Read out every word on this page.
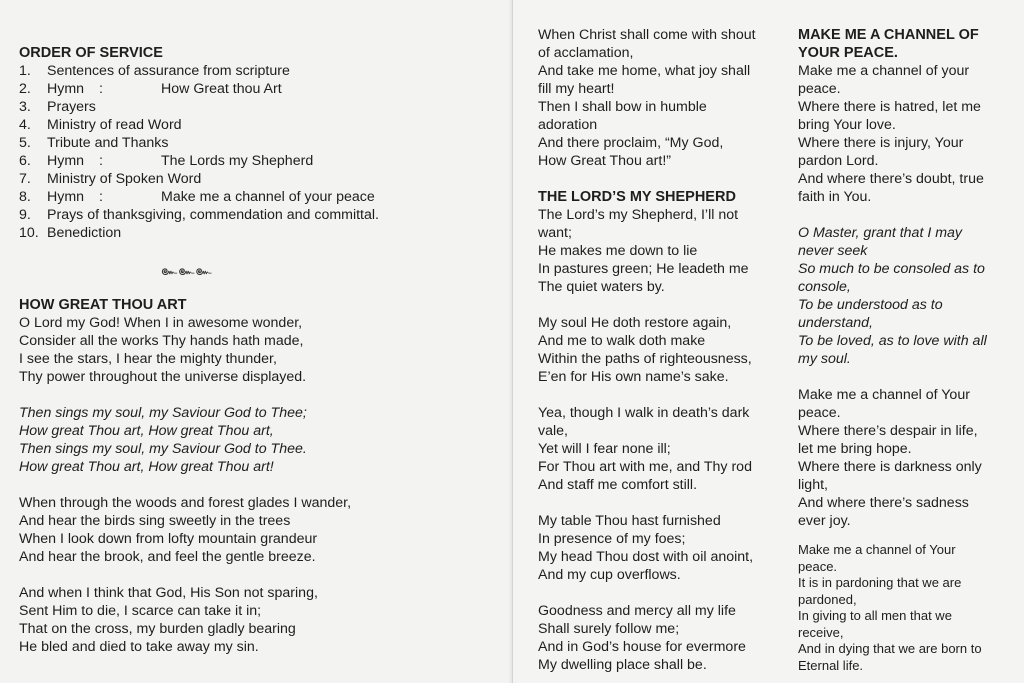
ORDER OF SERVICE
1.	Sentences of assurance from scripture
2.	Hymn	:	How Great thou Art
3.	Prayers
4.	Ministry of read Word
5.	Tribute and Thanks
6.	Hymn	:	The Lords my Shepherd
7.	Ministry of Spoken Word
8.	Hymn	:	Make me a channel of your peace
9.	Prays of thanksgiving, commendation and committal.
10. Benediction
๛๛๛
HOW GREAT THOU ART
O Lord my God! When I in awesome wonder,
Consider all the works Thy hands hath made,
I see the stars, I hear the mighty thunder,
Thy power throughout the universe displayed.
Then sings my soul, my Saviour God to Thee;
How great Thou art, How great Thou art,
Then sings my soul, my Saviour God to Thee.
How great Thou art, How great Thou art!
When through the woods and forest glades I wander,
And hear the birds sing sweetly in the trees
When I look down from lofty mountain grandeur
And hear the brook, and feel the gentle breeze.
And when I think that God, His Son not sparing,
Sent Him to die, I scarce can take it in;
That on the cross, my burden gladly bearing
He bled and died to take away my sin.
When Christ shall come with shout
of acclamation,
And take me home, what joy shall
fill my heart!
Then I shall bow in humble
adoration
And there proclaim, “My God,
How Great Thou art!”
THE LORD’S MY SHEPHERD
The Lord’s my Shepherd, I’ll not
want;
He makes me down to lie
In pastures green; He leadeth me
The quiet waters by.
My soul He doth restore again,
And me to walk doth make
Within the paths of righteousness,
E’en for His own name’s sake.
Yea, though I walk in death’s dark
vale,
Yet will I fear none ill;
For Thou art with me, and Thy rod
And staff me comfort still.
My table Thou hast furnished
In presence of my foes;
My head Thou dost with oil anoint,
And my cup overflows.
Goodness and mercy all my life
Shall surely follow me;
And in God’s house for evermore
My dwelling place shall be.
MAKE ME A CHANNEL OF
YOUR PEACE.
Make me a channel of your
peace.
Where there is hatred, let me
bring Your love.
Where there is injury, Your
pardon Lord.
And where there’s doubt, true
faith in You.
O Master, grant that I may
never seek
So much to be consoled as to
console,
To be understood as to
understand,
To be loved, as to love with all
my soul.
Make me a channel of Your
peace.
Where there’s despair in life,
let me bring hope.
Where there is darkness only
light,
And where there’s sadness
ever joy.
Make me a channel of Your
peace.
It is in pardoning that we are
pardoned,
In giving to all men that we
receive,
And in dying that we are born to
Eternal life.
